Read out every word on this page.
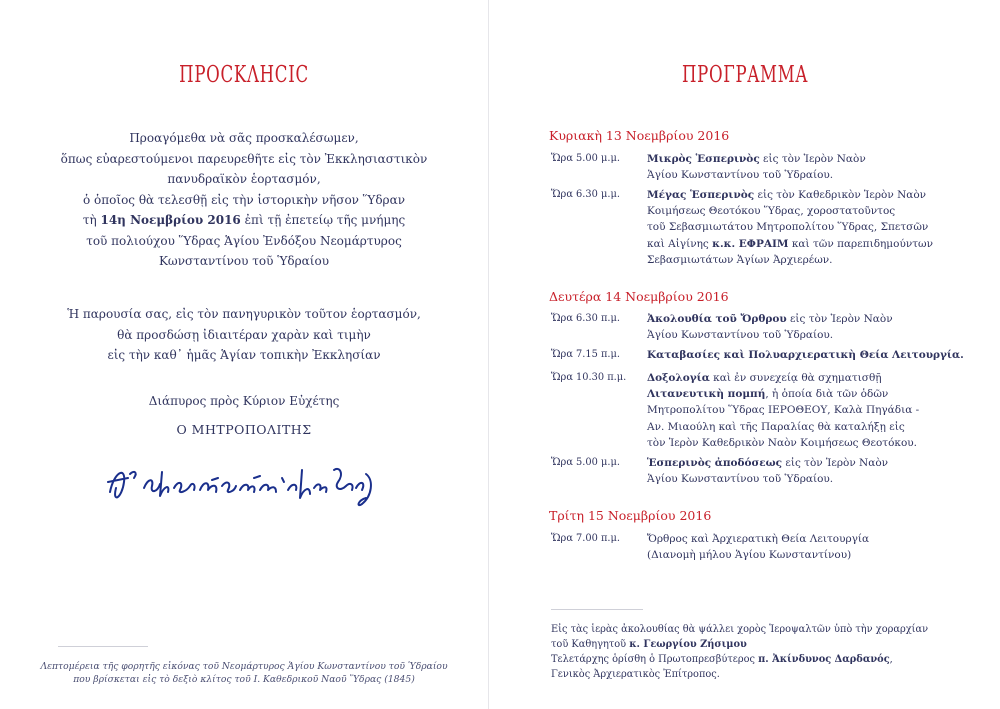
ΠΡΟϹΚΛΗϹΙϹ
Προαγόμεθα νὰ σᾶς προσκαλέσωμεν,
ὅπως εὐαρεστούμενοι παρευρεθῆτε εἰς τὸν Ἐκκλησιαστικὸν
πανυδραϊκὸν ἑορτασμόν,
ὁ ὁποῖος θὰ τελεσθῇ εἰς τὴν ἱστορικὴν νῆσον Ὕδραν
τὴ 14η Νοεμβρίου 2016 ἐπὶ τῇ ἐπετείῳ τῆς μνήμης
τοῦ πολιούχου Ὕδρας Ἁγίου Ἐνδόξου Νεομάρτυρος
Κωνσταντίνου τοῦ Ὑδραίου
Ἡ παρουσία σας, εἰς τὸν πανηγυρικὸν τοῦτον ἑορτασμόν,
θὰ προσδώσῃ ἰδιαιτέραν χαρὰν καὶ τιμὴν
εἰς τὴν καθ᾽ ἡμᾶς Ἁγίαν τοπικὴν Ἐκκλησίαν
Διάπυρος πρὸς Κύριον Εὐχέτης
Ο ΜΗΤΡΟΠΟΛΙΤΗΣ
Λεπτομέρεια τῆς φορητῆς εἰκόνας τοῦ Νεομάρτυρος Ἁγίου Κωνσταντίνου τοῦ Ὑδραίου
που βρίσκεται εἰς τὸ δεξιὸ κλίτος τοῦ Ι. Καθεδρικοῦ Ναοῦ Ὕδρας (1845)
ΠΡΟΓΡΑΜΜΑ
Κυριακὴ 13 Νοεμβρίου 2016
Ὥρα 5.00 μ.μ.	Μικρὸς Ἑσπερινὸς εἰς τὸν Ἱερὸν Ναὸν
Ἁγίου Κωνσταντίνου τοῦ Ὑδραίου.
Ὥρα 6.30 μ.μ.	Μέγας Ἑσπερινὸς εἰς τὸν Καθεδρικὸν Ἱερὸν Ναὸν
Κοιμήσεως Θεοτόκου Ὕδρας, χοροστατοῦντος
τοῦ Σεβασμιωτάτου Μητροπολίτου Ὕδρας, Σπετσῶν
καὶ Αἰγίνης κ.κ. ΕΦΡΑΙΜ καὶ τῶν παρεπιδημούντων
Σεβασμιωτάτων Ἁγίων Ἀρχιερέων.
Δευτέρα 14 Νοεμβρίου 2016
Ὥρα 6.30 π.μ.	Ἀκολουθία τοῦ Ὄρθρου εἰς τὸν Ἱερὸν Ναὸν
Ἁγίου Κωνσταντίνου τοῦ Ὑδραίου.
Ὥρα 7.15 π.μ.	Καταβασίες καὶ Πολυαρχιερατικὴ Θεία Λειτουργία.
Ὥρα 10.30 π.μ.	Δοξολογία καὶ ἐν συνεχείᾳ θὰ σχηματισθῇ
Λιτανευτικὴ πομπή, ἡ ὁποία διὰ τῶν ὁδῶν
Μητροπολίτου Ὕδρας ΙΕΡΟΘΕΟΥ, Καλὰ Πηγάδια -
Αν. Μιαούλη καὶ τῆς Παραλίας θὰ καταλήξῃ εἰς
τὸν Ἱερὸν Καθεδρικὸν Ναὸν Κοιμήσεως Θεοτόκου.
Ὥρα 5.00 μ.μ.	Ἑσπερινὸς ἀποδόσεως εἰς τὸν Ἱερὸν Ναὸν
Ἁγίου Κωνσταντίνου τοῦ Ὑδραίου.
Τρίτη 15 Νοεμβρίου 2016
Ὥρα 7.00 π.μ.	Ὄρθρος καὶ Ἀρχιερατικὴ Θεία Λειτουργία
(Διανομὴ μήλου Ἁγίου Κωνσταντίνου)
Εἰς τὰς ἱερὰς ἀκολουθίας θὰ ψάλλει χορὸς Ἱεροψαλτῶν ὑπὸ τὴν χοραρχίαν
τοῦ Καθηγητοῦ κ. Γεωργίου Ζήσιμου
Τελετάρχης ὁρίσθη ὁ Πρωτοπρεσβύτερος π. Ἀκίνδυνος Δαρδανός,
Γενικὸς Ἀρχιερατικὸς Ἐπίτροπος.
